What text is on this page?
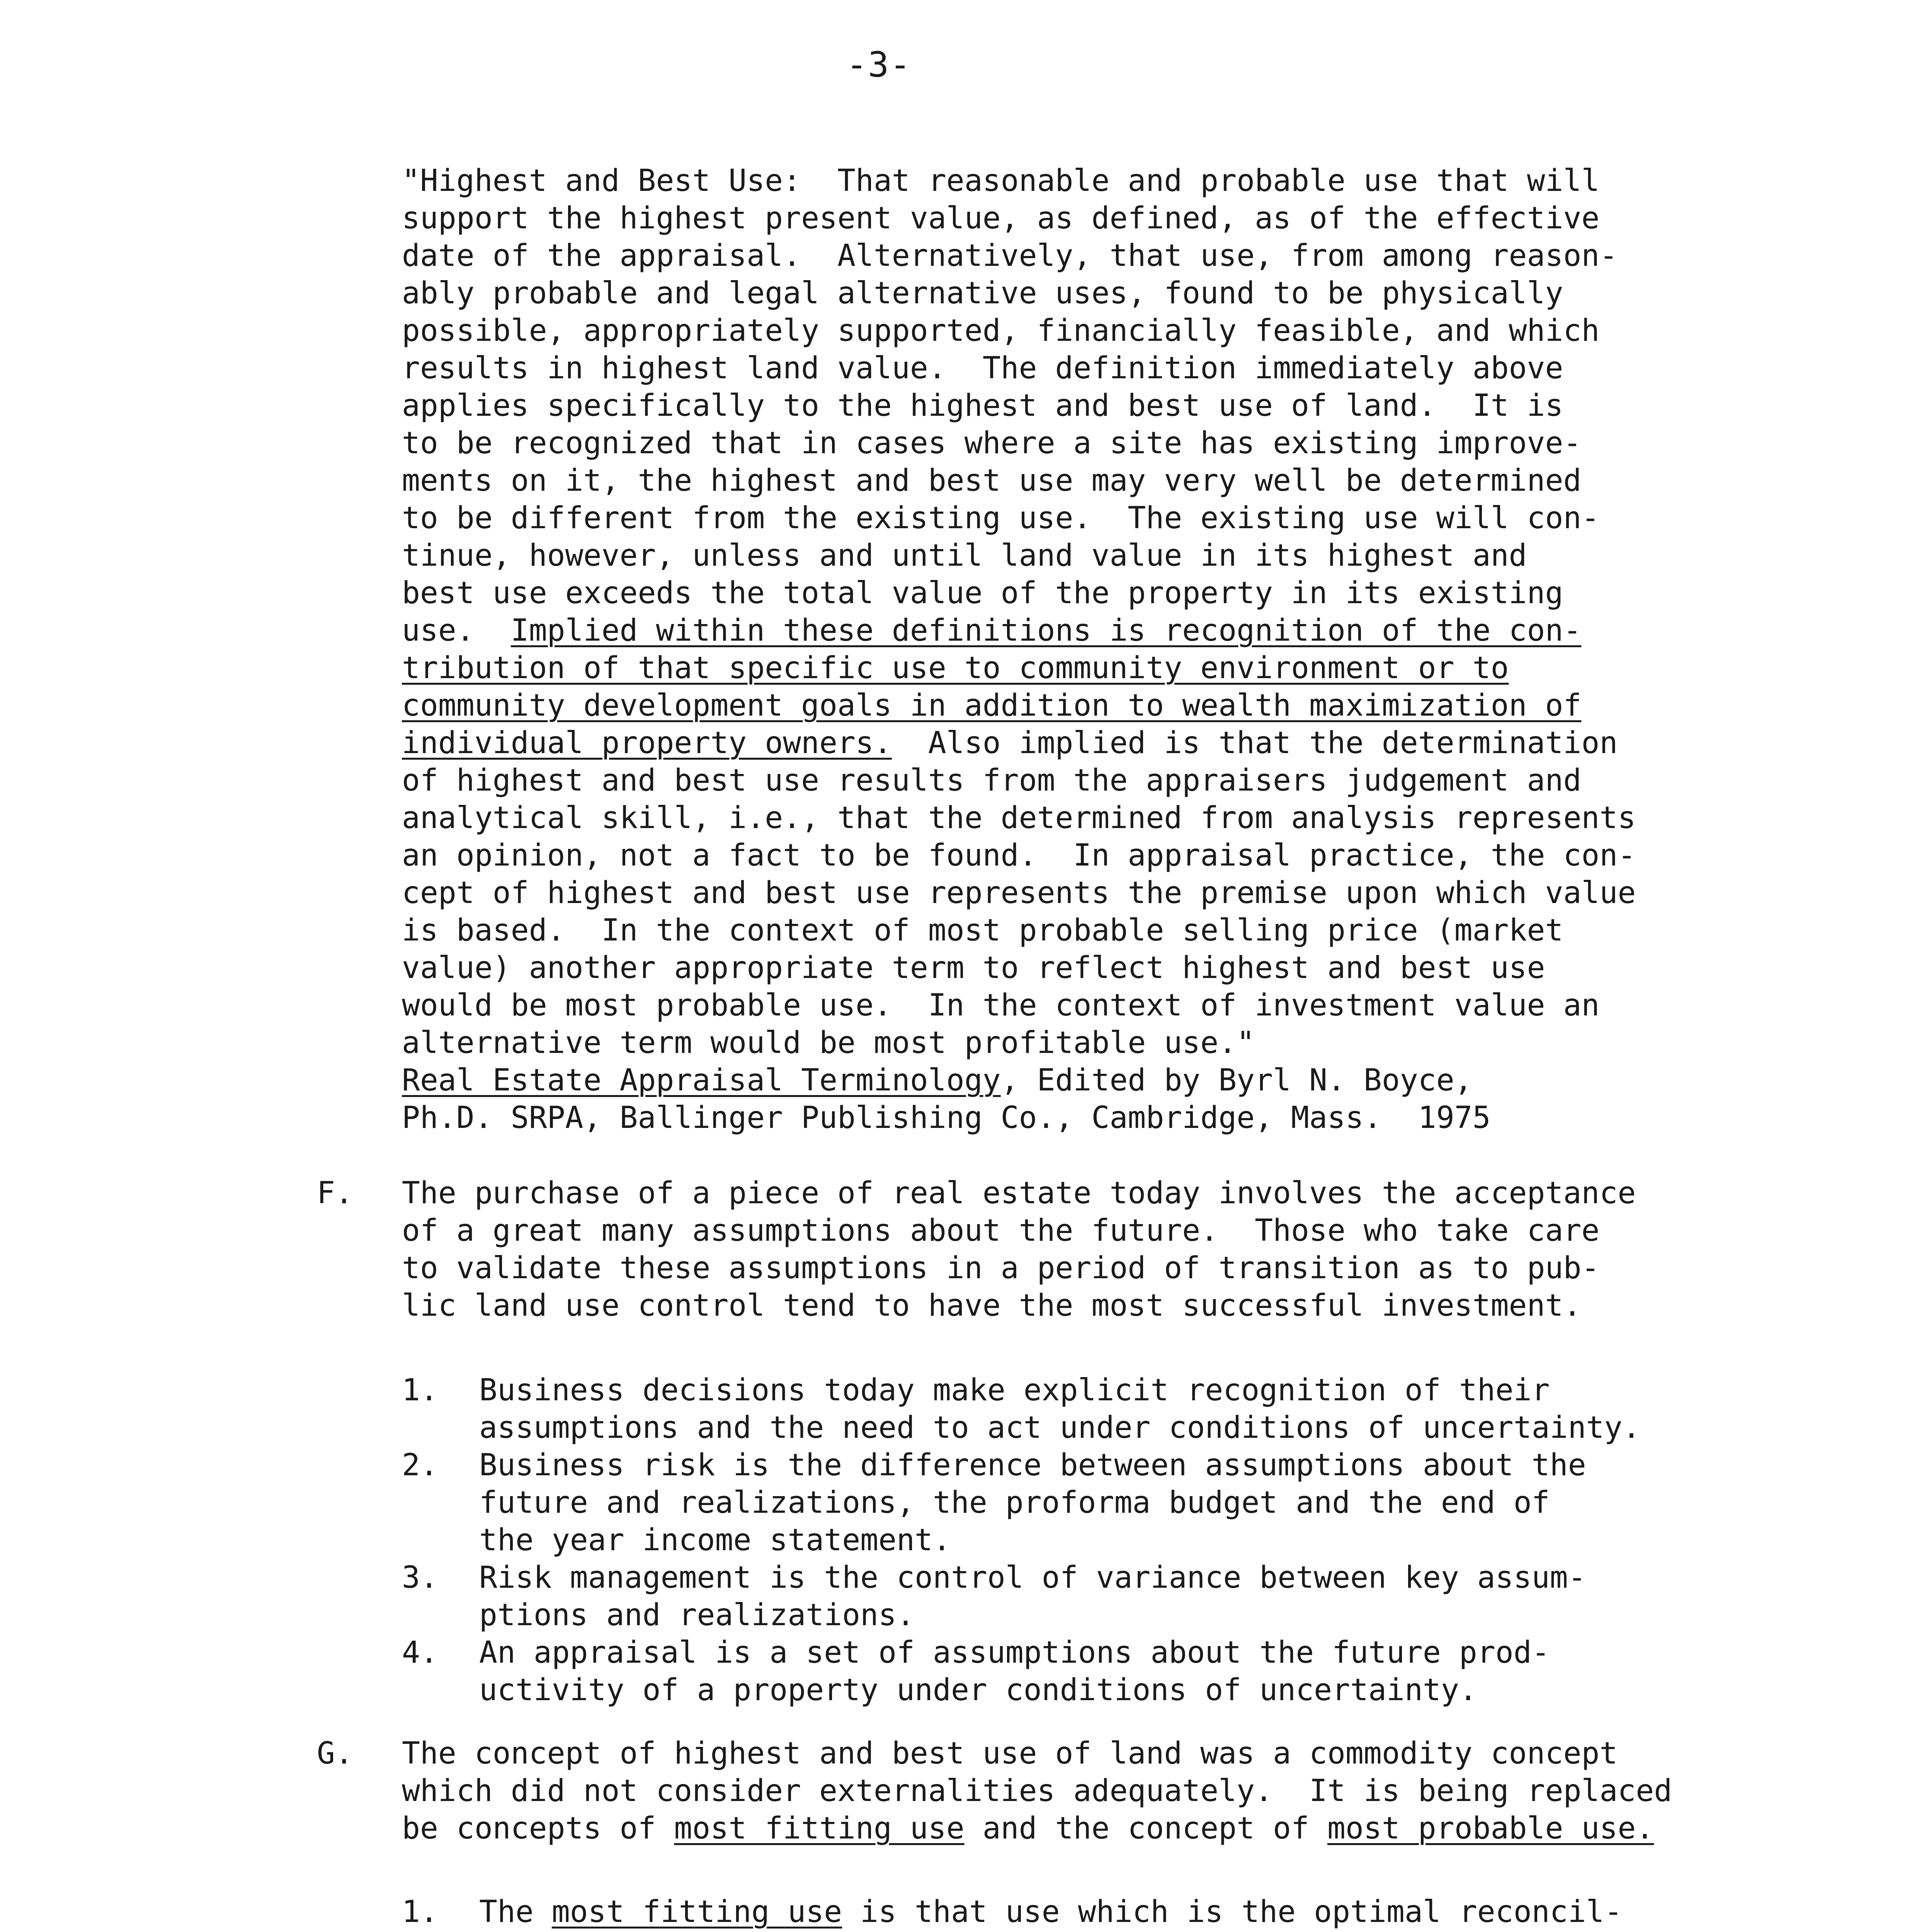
-3-
"Highest and Best Use:  That reasonable and probable use that will
support the highest present value, as defined, as of the effective
date of the appraisal.  Alternatively, that use, from among reason-
ably probable and legal alternative uses, found to be physically
possible, appropriately supported, financially feasible, and which
results in highest land value.  The definition immediately above
applies specifically to the highest and best use of land.  It is
to be recognized that in cases where a site has existing improve-
ments on it, the highest and best use may very well be determined
to be different from the existing use.  The existing use will con-
tinue, however, unless and until land value in its highest and
best use exceeds the total value of the property in its existing
use.  Implied within these definitions is recognition of the con-
tribution of that specific use to community environment or to
community development goals in addition to wealth maximization of
individual property owners.  Also implied is that the determination
of highest and best use results from the appraisers judgement and
analytical skill, i.e., that the determined from analysis represents
an opinion, not a fact to be found.  In appraisal practice, the con-
cept of highest and best use represents the premise upon which value
is based.  In the context of most probable selling price (market
value) another appropriate term to reflect highest and best use
would be most probable use.  In the context of investment value an
alternative term would be most profitable use."
Real Estate Appraisal Terminology, Edited by Byrl N. Boyce,
Ph.D. SRPA, Ballinger Publishing Co., Cambridge, Mass.  1975
F. The purchase of a piece of real estate today involves the acceptance
of a great many assumptions about the future.  Those who take care
to validate these assumptions in a period of transition as to pub-
lic land use control tend to have the most successful investment.
1. Business decisions today make explicit recognition of their
assumptions and the need to act under conditions of uncertainty.
2. Business risk is the difference between assumptions about the
future and realizations, the proforma budget and the end of
the year income statement.
3. Risk management is the control of variance between key assum-
ptions and realizations.
4. An appraisal is a set of assumptions about the future prod-
uctivity of a property under conditions of uncertainty.
G. The concept of highest and best use of land was a commodity concept
which did not consider externalities adequately.  It is being replaced
be concepts of most fitting use and the concept of most probable use.
1. The most fitting use is that use which is the optimal reconcil-
